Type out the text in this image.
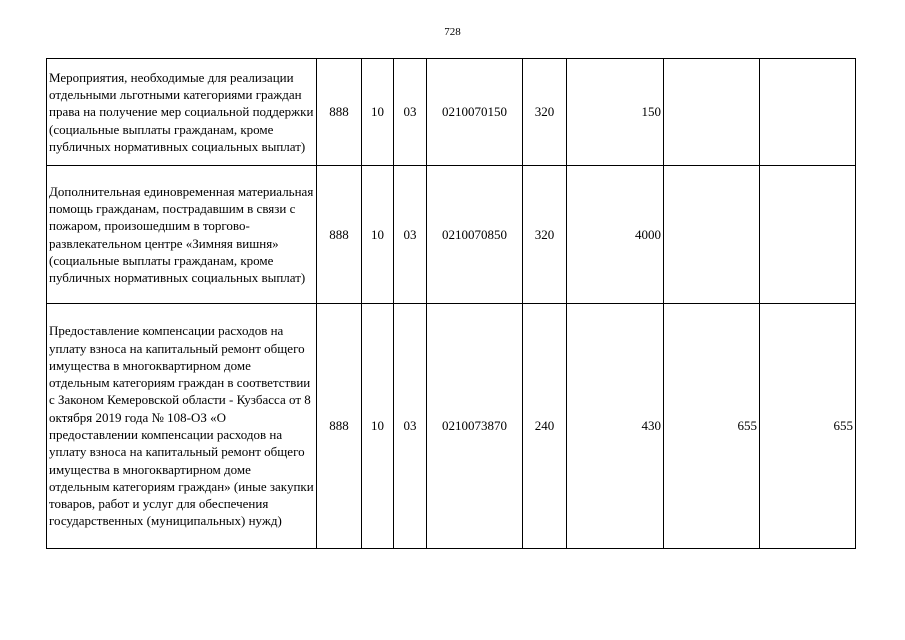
728
Мероприятия, необходимые для реализации отдельными льготными категориями граждан права на получение мер социальной поддержки (социальные выплаты гражданам, кроме публичных нормативных социальных выплат)	888	10	03	0210070150	320	150		

Дополнительная единовременная материальная помощь гражданам, пострадавшим в связи с пожаром, произошедшим в торгово-развлекательном центре «Зимняя вишня» (социальные выплаты гражданам, кроме публичных нормативных социальных выплат)	888	10	03	0210070850	320	4000		

Предоставление компенсации расходов на уплату взноса на капитальный ремонт общего имущества в многоквартирном доме отдельным категориям граждан в соответствии с Законом Кемеровской области - Кузбасса от 8 октября 2019 года № 108-ОЗ «О предоставлении компенсации расходов на уплату взноса на капитальный ремонт общего имущества в многоквартирном доме отдельным категориям граждан» (иные закупки товаров, работ и услуг для обеспечения государственных (муниципальных) нужд)	888	10	03	0210073870	240	430	655	655
